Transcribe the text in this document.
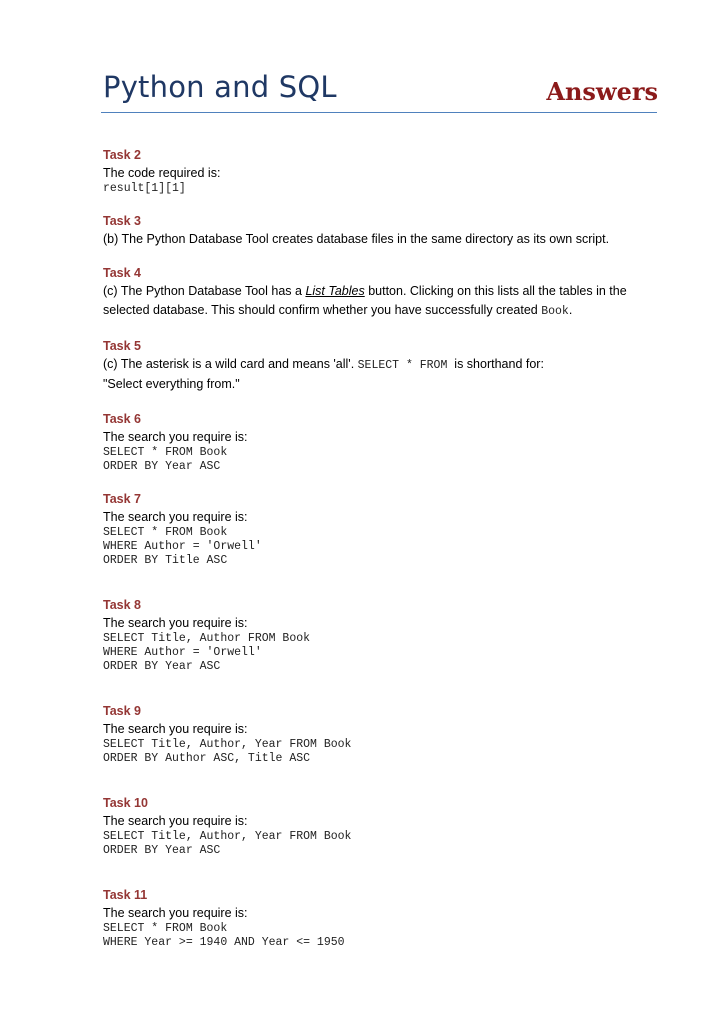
Python and SQL	Answers
Task 2
The code required is:
result[1][1]
Task 3
(b) The Python Database Tool creates database files in the same directory as its own script.
Task 4
(c) The Python Database Tool has a List Tables button. Clicking on this lists all the tables in the
selected database. This should confirm whether you have successfully created Book.
Task 5
(c) The asterisk is a wild card and means 'all'. SELECT * FROM  is shorthand for:
"Select everything from."
Task 6
The search you require is:
SELECT * FROM Book
ORDER BY Year ASC
Task 7
The search you require is:
SELECT * FROM Book
WHERE Author = 'Orwell'
ORDER BY Title ASC
Task 8
The search you require is:
SELECT Title, Author FROM Book
WHERE Author = 'Orwell'
ORDER BY Year ASC
Task 9
The search you require is:
SELECT Title, Author, Year FROM Book
ORDER BY Author ASC, Title ASC
Task 10
The search you require is:
SELECT Title, Author, Year FROM Book
ORDER BY Year ASC
Task 11
The search you require is:
SELECT * FROM Book
WHERE Year >= 1940 AND Year <= 1950
